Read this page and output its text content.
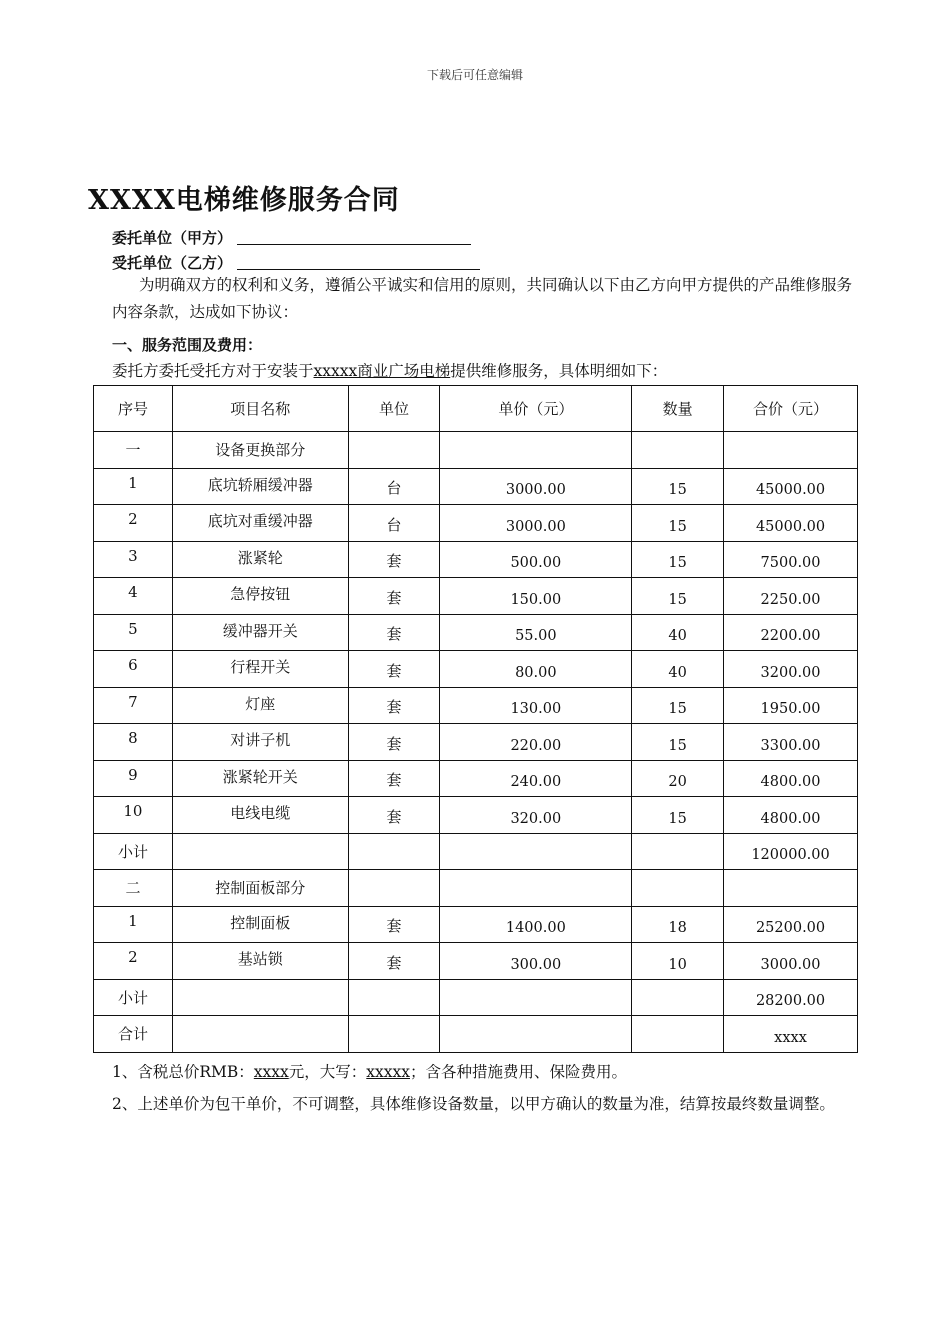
下载后可任意编辑
XXXX电梯维修服务合同
委托单位（甲方）
受托单位（乙方）
为明确双方的权利和义务，遵循公平诚实和信用的原则，共同确认以下由乙方向甲方提供的产品维修服务内容条款，达成如下协议：
一、服务范围及费用：
委托方委托受托方对于安装于xxxxx商业广场电梯提供维修服务，具体明细如下：
序号	项目名称	单位	单价（元）	数量	合价（元）
一	设备更换部分				
1	底坑轿厢缓冲器	台	3000.00	15	45000.00
2	底坑对重缓冲器	台	3000.00	15	45000.00
3	涨紧轮	套	500.00	15	7500.00
4	急停按钮	套	150.00	15	2250.00
5	缓冲器开关	套	55.00	40	2200.00
6	行程开关	套	80.00	40	3200.00
7	灯座	套	130.00	15	1950.00
8	对讲子机	套	220.00	15	3300.00
9	涨紧轮开关	套	240.00	20	4800.00
10	电线电缆	套	320.00	15	4800.00
小计					120000.00
二	控制面板部分				
1	控制面板	套	1400.00	18	25200.00
2	基站锁	套	300.00	10	3000.00
小计					28200.00
合计					xxxx
1、含税总价RMB：xxxx元，大写：xxxxx；含各种措施费用、保险费用。
2、上述单价为包干单价，不可调整，具体维修设备数量，以甲方确认的数量为准，结算按最终数量调整。
